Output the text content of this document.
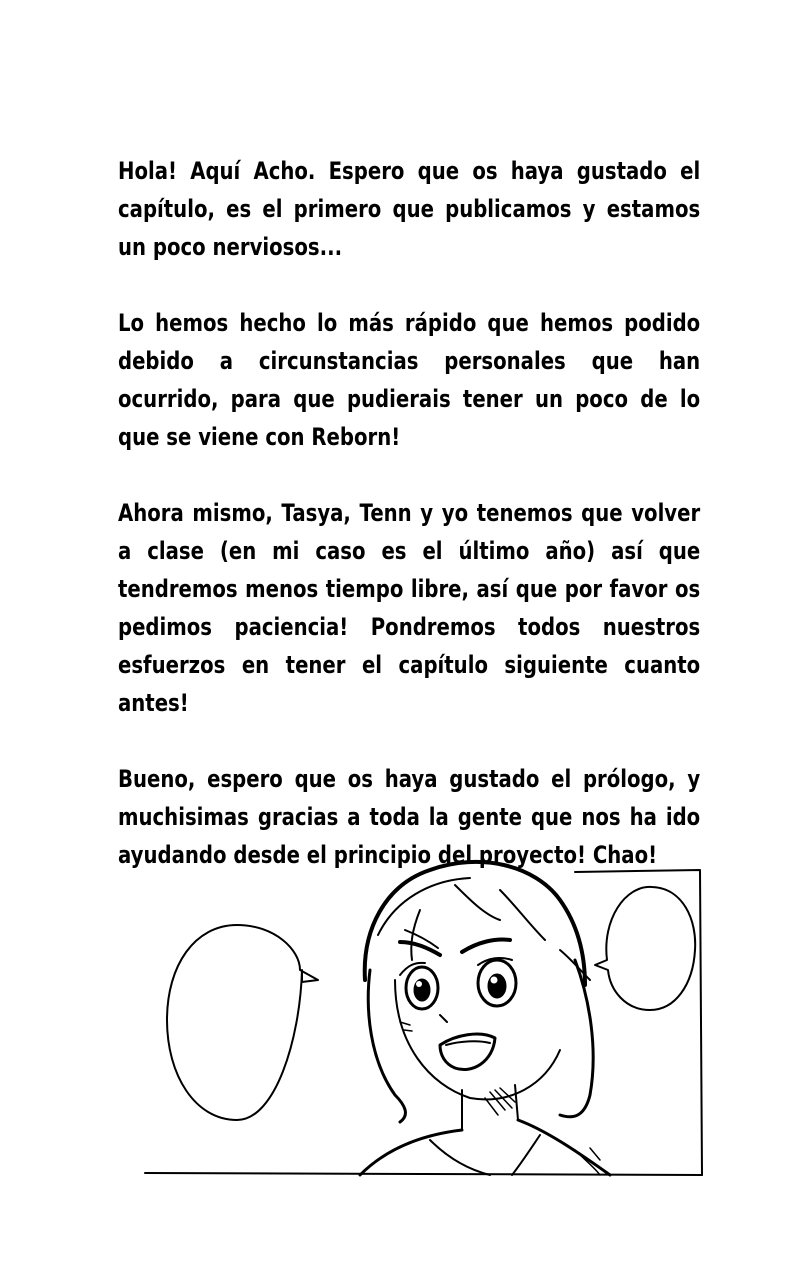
Hola! Aquí Acho. Espero que os haya gustado el capítulo, es el primero que publicamos y estamos un poco nerviosos...

Lo hemos hecho lo más rápido que hemos podido debido a circunstancias personales que han ocurrido, para que pudierais tener un poco de lo que se viene con Reborn!

Ahora mismo, Tasya, Tenn y yo tenemos que volver a clase (en mi caso es el último año) así que tendremos menos tiempo libre, así que por favor os pedimos paciencia! Pondremos todos nuestros esfuerzos en tener el capítulo siguiente cuanto antes!

Bueno, espero que os haya gustado el prólogo, y muchisimas gracias a toda la gente que nos ha ido ayudando desde el principio del proyecto! Chao!
